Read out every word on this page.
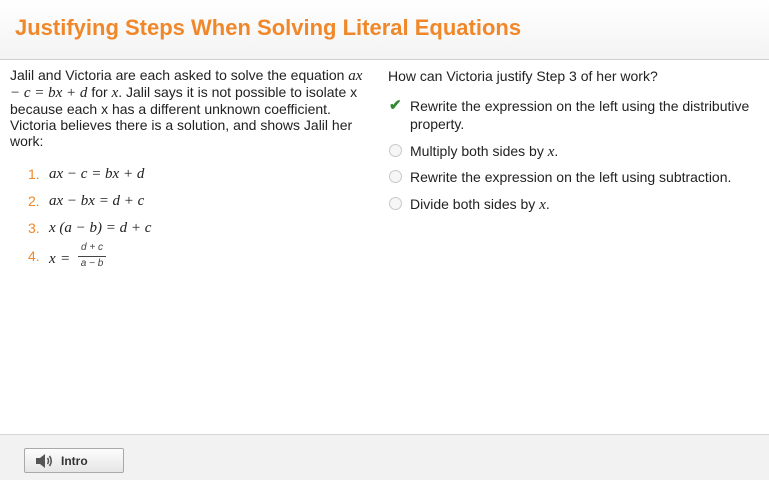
Justifying Steps When Solving Literal Equations
Jalil and Victoria are each asked to solve the equation ax − c = bx + d for x. Jalil says it is not possible to isolate x because each x has a different unknown coefficient. Victoria believes there is a solution, and shows Jalil her work:
1. ax − c = bx + d
2. ax − bx = d + c
3. x (a − b) = d + c
4. x =
d + c
a − b
How can Victoria justify Step 3 of her work?
✔ Rewrite the expression on the left using the distributive property.
Multiply both sides by x.
Rewrite the expression on the left using subtraction.
Divide both sides by x.
Intro
